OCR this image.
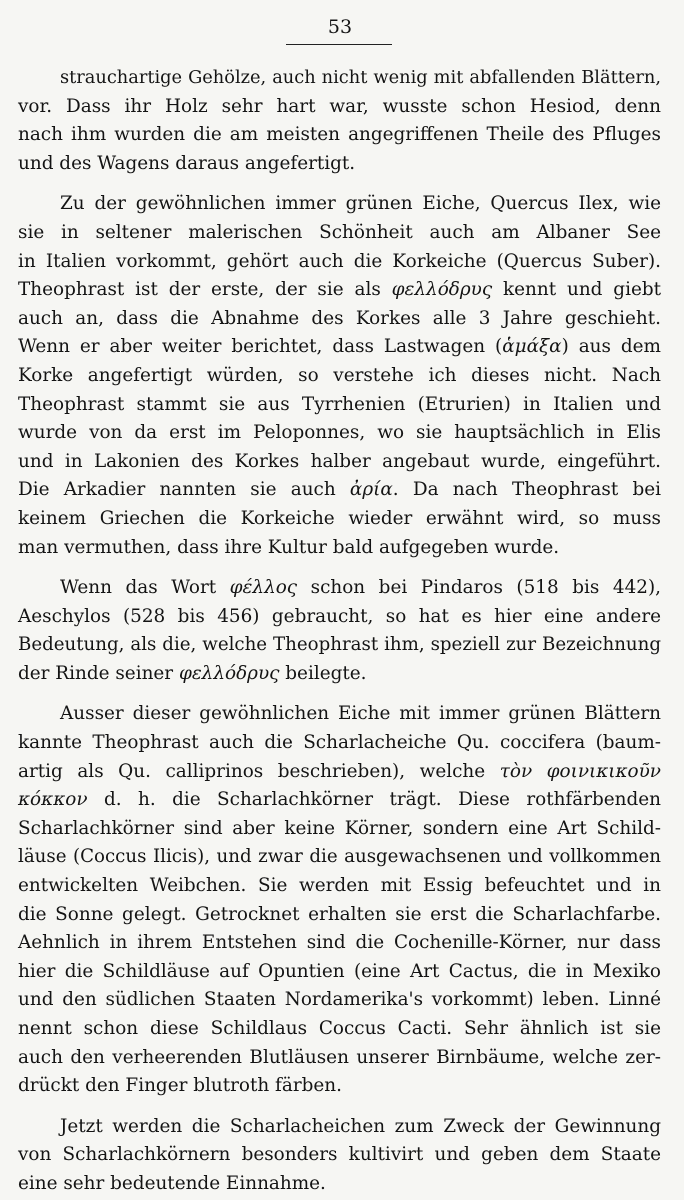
53

strauchartige Gehölze, auch nicht wenig mit abfallenden Blättern,
vor. Dass ihr Holz sehr hart war, wusste schon Hesiod, denn
nach ihm wurden die am meisten angegriffenen Theile des Pfluges
und des Wagens daraus angefertigt.

Zu der gewöhnlichen immer grünen Eiche, Quercus Ilex, wie
sie in seltener malerischen Schönheit auch am Albaner See
in Italien vorkommt, gehört auch die Korkeiche (Quercus Suber).
Theophrast ist der erste, der sie als φελλόδρυς kennt und giebt
auch an, dass die Abnahme des Korkes alle 3 Jahre geschieht.
Wenn er aber weiter berichtet, dass Lastwagen (ἁμάξα) aus dem
Korke angefertigt würden, so verstehe ich dieses nicht. Nach
Theophrast stammt sie aus Tyrrhenien (Etrurien) in Italien und
wurde von da erst im Peloponnes, wo sie hauptsächlich in Elis
und in Lakonien des Korkes halber angebaut wurde, eingeführt.
Die Arkadier nannten sie auch ἀρία. Da nach Theophrast bei
keinem Griechen die Korkeiche wieder erwähnt wird, so muss
man vermuthen, dass ihre Kultur bald aufgegeben wurde.

Wenn das Wort φέλλος schon bei Pindaros (518 bis 442),
Aeschylos (528 bis 456) gebraucht, so hat es hier eine andere
Bedeutung, als die, welche Theophrast ihm, speziell zur Bezeichnung
der Rinde seiner φελλόδρυς beilegte.

Ausser dieser gewöhnlichen Eiche mit immer grünen Blättern
kannte Theophrast auch die Scharlacheiche Qu. coccifera (baum-
artig als Qu. calliprinos beschrieben), welche τὸν φοινικικοῦν
κόκκον d. h. die Scharlachkörner trägt. Diese rothfärbenden
Scharlachkörner sind aber keine Körner, sondern eine Art Schild-
läuse (Coccus Ilicis), und zwar die ausgewachsenen und vollkommen
entwickelten Weibchen. Sie werden mit Essig befeuchtet und in
die Sonne gelegt. Getrocknet erhalten sie erst die Scharlachfarbe.
Aehnlich in ihrem Entstehen sind die Cochenille-Körner, nur dass
hier die Schildläuse auf Opuntien (eine Art Cactus, die in Mexiko
und den südlichen Staaten Nordamerika's vorkommt) leben. Linné
nennt schon diese Schildlaus Coccus Cacti. Sehr ähnlich ist sie
auch den verheerenden Blutläusen unserer Birnbäume, welche zer-
drückt den Finger blutroth färben.

Jetzt werden die Scharlacheichen zum Zweck der Gewinnung
von Scharlachkörnern besonders kultivirt und geben dem Staate
eine sehr bedeutende Einnahme.
